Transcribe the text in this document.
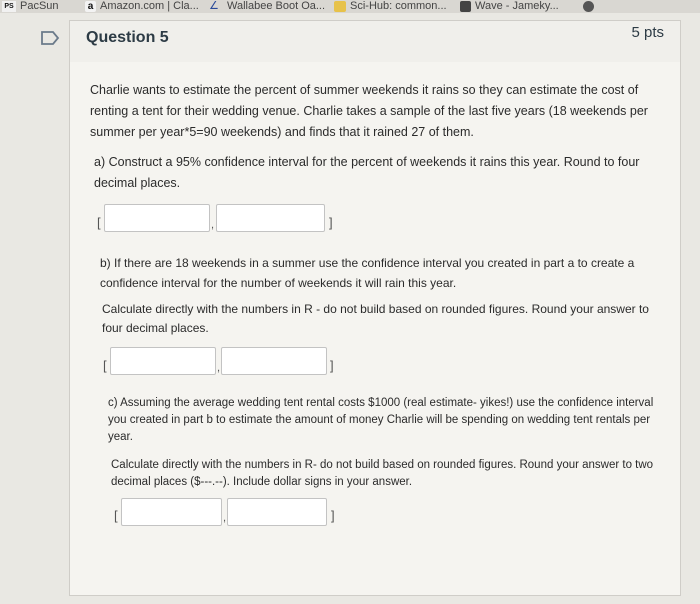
PS PacSun	a Amazon.com | Cla... ∠ Wallabee Boot Oa...	Sci-Hub: common...	Wave - Jameky...
Question 5	5 pts
Charlie wants to estimate the percent of summer weekends it rains so they can estimate the cost of renting a tent for their wedding venue. Charlie takes a sample of the last five years (18 weekends per summer per year*5=90 weekends) and finds that it rained 27 of them.
a) Construct a 95% confidence interval for the percent of weekends it rains this year. Round to four decimal places.
[	,	]
b) If there are 18 weekends in a summer use the confidence interval you created in part a to create a confidence interval for the number of weekends it will rain this year.
Calculate directly with the numbers in R - do not build based on rounded figures. Round your answer to four decimal places.
[	,	]
c) Assuming the average wedding tent rental costs $1000 (real estimate- yikes!) use the confidence interval you created in part b to estimate the amount of money Charlie will be spending on wedding tent rentals per year.
Calculate directly with the numbers in R- do not build based on rounded figures. Round your answer to two decimal places ($---.--). Include dollar signs in your answer.
[	,	]
